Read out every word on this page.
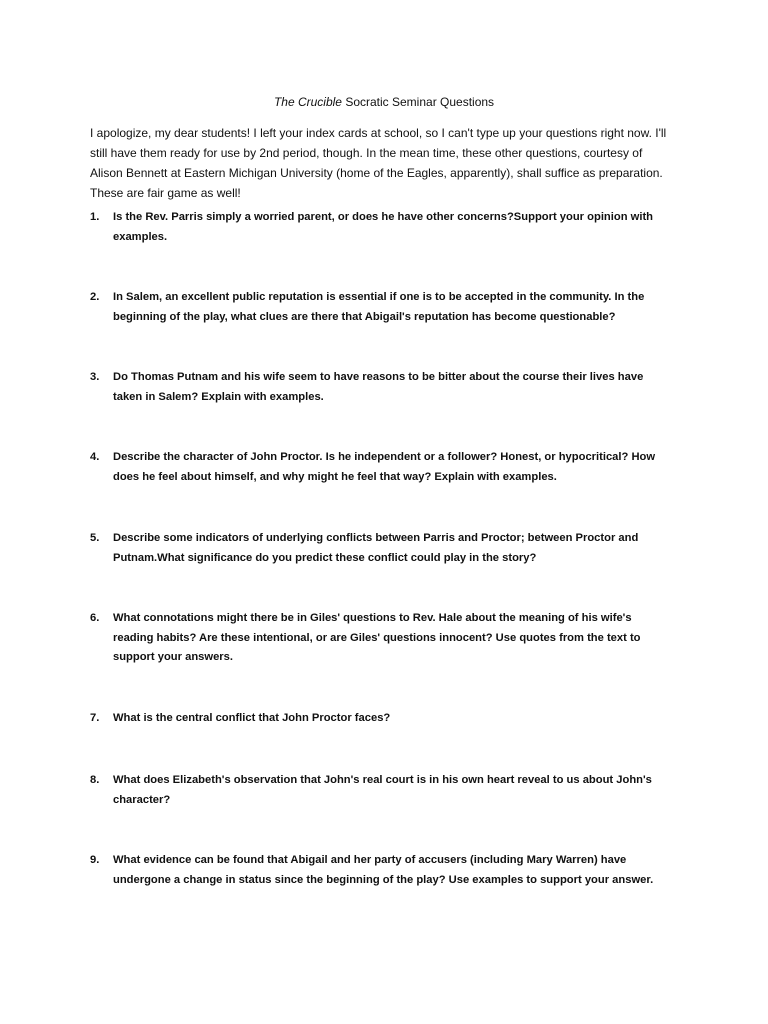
The Crucible Socratic Seminar Questions
I apologize, my dear students! I left your index cards at school, so I can't type up your questions right now. I'll still have them ready for use by 2nd period, though. In the mean time, these other questions, courtesy of Alison Bennett at Eastern Michigan University (home of the Eagles, apparently), shall suffice as preparation. These are fair game as well!
1.	Is the Rev. Parris simply a worried parent, or does he have other concerns?Support your opinion with examples.
2.	In Salem, an excellent public reputation is essential if one is to be accepted in the community. In the beginning of the play, what clues are there that Abigail's reputation has become questionable?
3.	Do Thomas Putnam and his wife seem to have reasons to be bitter about the course their lives have taken in Salem? Explain with examples.
4.	Describe the character of John Proctor. Is he independent or a follower? Honest, or hypocritical? How does he feel about himself, and why might he feel that way? Explain with examples.
5.	Describe some indicators of underlying conflicts between Parris and Proctor; between Proctor and Putnam.What significance do you predict these conflict could play in the story?
6.	What connotations might there be in Giles' questions to Rev. Hale about the meaning of his wife's reading habits? Are these intentional, or are Giles' questions innocent? Use quotes from the text to support your answers.
7.	What is the central conflict that John Proctor faces?
8.	What does Elizabeth's observation that John's real court is in his own heart reveal to us about John's character?
9.	What evidence can be found that Abigail and her party of accusers (including Mary Warren) have undergone a change in status since the beginning of the play? Use examples to support your answer.
